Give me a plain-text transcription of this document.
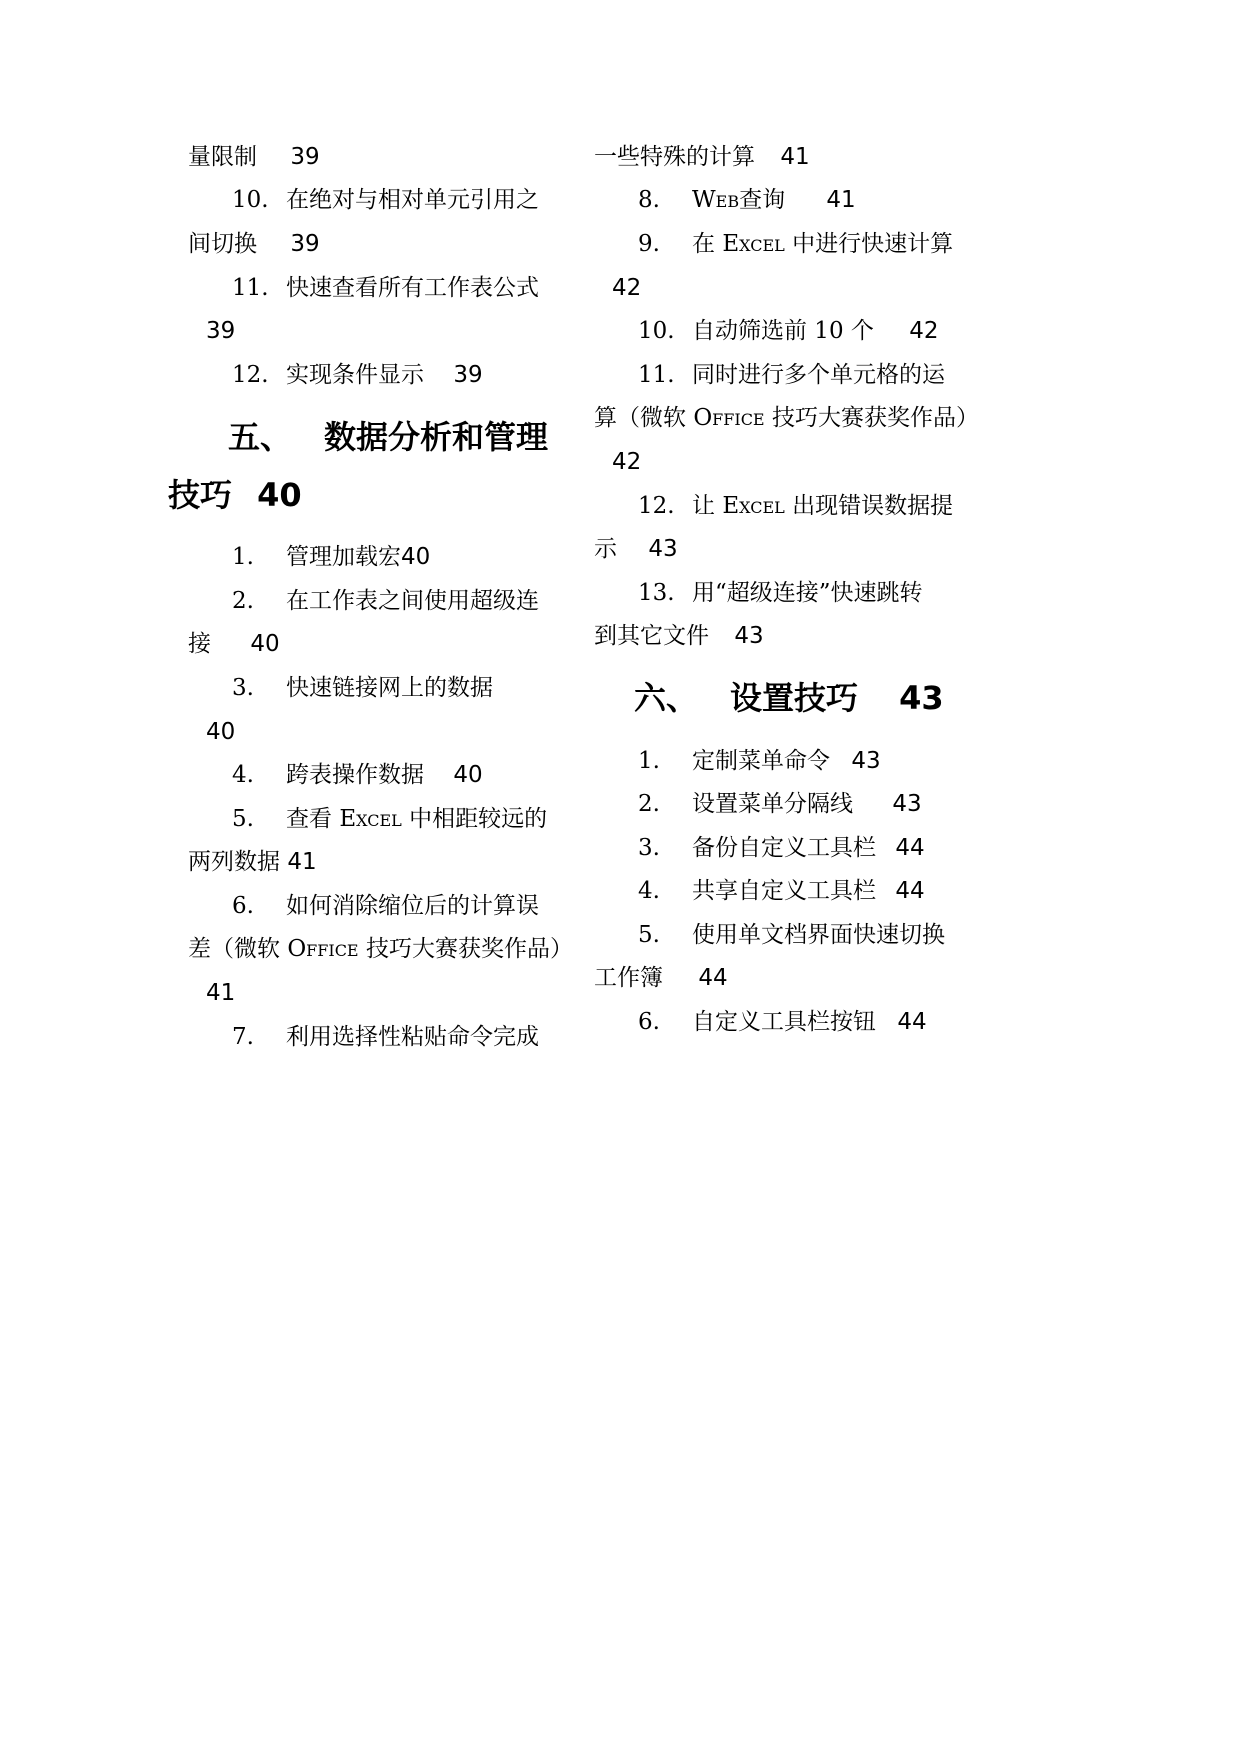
量限制 39
10. 在绝对与相对单元引用之
间切换 39
11. 快速查看所有工作表公式
39
12. 实现条件显示 39
五、 数据分析和管理
技巧 40
1. 管理加载宏40
2. 在工作表之间使用超级连
接 40
3. 快速链接网上的数据
40
4. 跨表操作数据 40
5. 查看 Excel 中相距较远的
两列数据 41
6. 如何消除缩位后的计算误
差（微软 Office 技巧大赛获奖作品）
41
7. 利用选择性粘贴命令完成
一些特殊的计算 41
8. Web查询 41
9. 在 Excel 中进行快速计算
42
10. 自动筛选前 10 个 42
11. 同时进行多个单元格的运
算（微软 Office 技巧大赛获奖作品）
42
12. 让 Excel 出现错误数据提
示 43
13. 用“超级连接”快速跳转
到其它文件 43
六、 设置技巧 43
1. 定制菜单命令 43
2. 设置菜单分隔线 43
3. 备份自定义工具栏 44
4. 共享自定义工具栏 44
5. 使用单文档界面快速切换
工作簿 44
6. 自定义工具栏按钮 44
